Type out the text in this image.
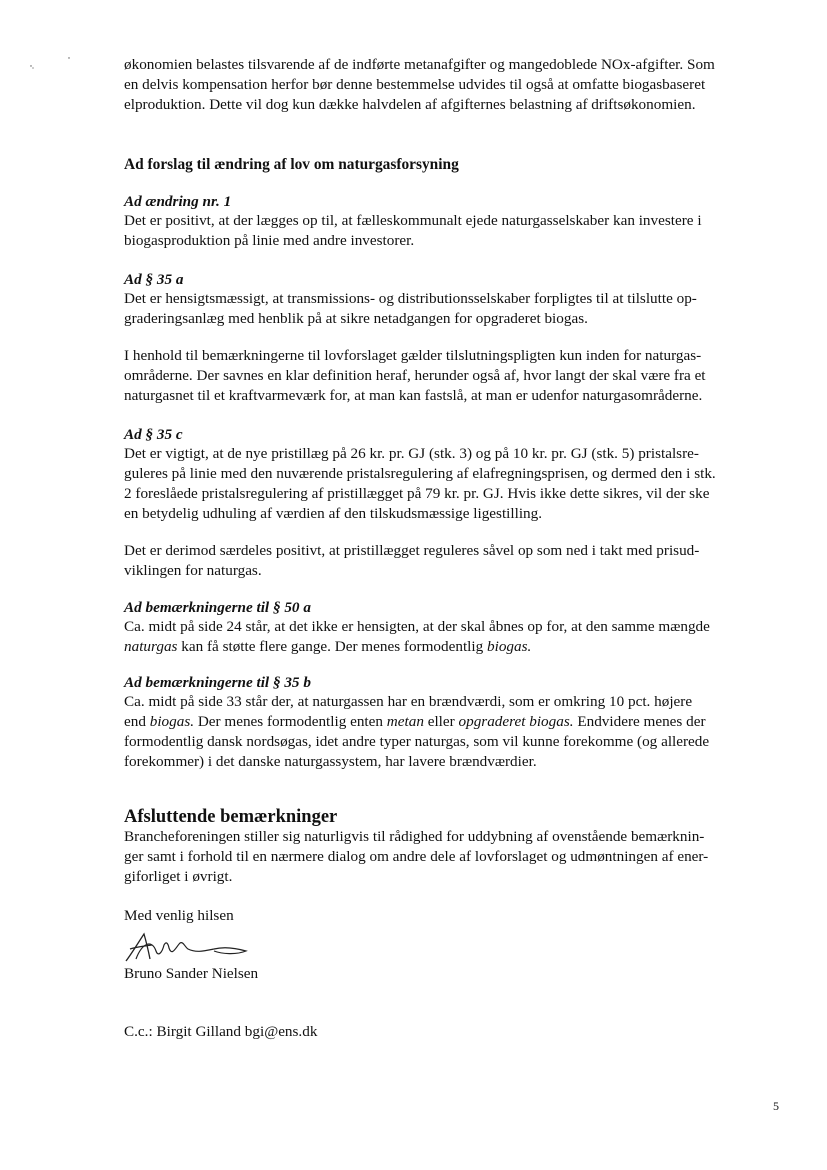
økonomien belastes tilsvarende af de indførte metanafgifter og mangedoblede NOx-afgifter. Som
en delvis kompensation herfor bør denne bestemmelse udvides til også at omfatte biogasbaseret
elproduktion. Dette vil dog kun dække halvdelen af afgifternes belastning af driftsøkonomien.

Ad forslag til ændring af lov om naturgasforsyning
Ad ændring nr. 1

Det er positivt, at der lægges op til, at fælleskommunalt ejede naturgasselskaber kan investere i
biogasproduktion på linie med andre investorer.

Ad § 35 a

Det er hensigtsmæssigt, at transmissions- og distributionsselskaber forpligtes til at tilslutte op-
graderingsanlæg med henblik på at sikre netadgangen for opgraderet biogas.

I henhold til bemærkningerne til lovforslaget gælder tilslutningspligten kun inden for naturgas-
områderne. Der savnes en klar definition heraf, herunder også af, hvor langt der skal være fra et
naturgasnet til et kraftvarmeværk for, at man kan fastslå, at man er udenfor naturgasområderne.

Ad § 35 c

Det er vigtigt, at de nye pristillæg på 26 kr. pr. GJ (stk. 3) og på 10 kr. pr. GJ (stk. 5) pristalsre-
guleres på linie med den nuværende pristalsregulering af elafregningsprisen, og dermed den i stk.
2 foreslåede pristalsregulering af pristillægget på 79 kr. pr. GJ. Hvis ikke dette sikres, vil der ske
en betydelig udhuling af værdien af den tilskudsmæssige ligestilling.

Det er derimod særdeles positivt, at pristillægget reguleres såvel op som ned i takt med prisud-
viklingen for naturgas.

Ad bemærkningerne til § 50 a

Ca. midt på side 24 står, at det ikke er hensigten, at der skal åbnes op for, at den samme mængde
naturgas kan få støtte flere gange. Der menes formodentlig biogas.

Ad bemærkningerne til § 35 b

Ca. midt på side 33 står der, at naturgassen har en brændværdi, som er omkring 10 pct. højere
end biogas. Der menes formodentlig enten metan eller opgraderet biogas. Endvidere menes der
formodentlig dansk nordsøgas, idet andre typer naturgas, som vil kunne forekomme (og allerede
forekommer) i det danske naturgassystem, har lavere brændværdier.

Afsluttende bemærkninger

Brancheforeningen stiller sig naturligvis til rådighed for uddybning af ovenstående bemærknin-
ger samt i forhold til en nærmere dialog om andre dele af lovforslaget og udmøntningen af ener-
giforliget i øvrigt.

Med venlig hilsen

Bruno Sander Nielsen

C.c.: Birgit Gilland bgi@ens.dk

5
